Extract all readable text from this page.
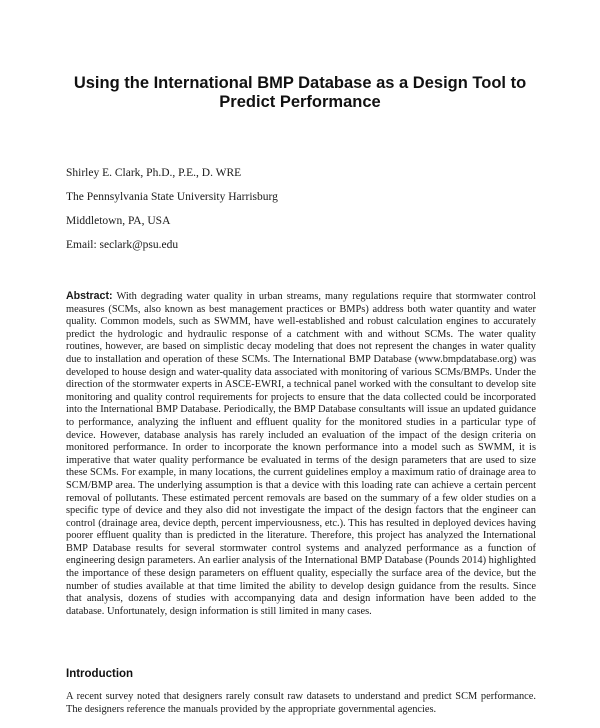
Using the International BMP Database as a Design Tool to Predict Performance
Shirley E. Clark, Ph.D., P.E., D. WRE
The Pennsylvania State University Harrisburg
Middletown, PA, USA
Email: seclark@psu.edu

Abstract: With degrading water quality in urban streams, many regulations require that stormwater control measures (SCMs, also known as best management practices or BMPs) address both water quantity and water quality. Common models, such as SWMM, have well-established and robust calculation engines to accurately predict the hydrologic and hydraulic response of a catchment with and without SCMs. The water quality routines, however, are based on simplistic decay modeling that does not represent the changes in water quality due to installation and operation of these SCMs. The International BMP Database (www.bmpdatabase.org) was developed to house design and water-quality data associated with monitoring of various SCMs/BMPs. Under the direction of the stormwater experts in ASCE-EWRI, a technical panel worked with the consultant to develop site monitoring and quality control requirements for projects to ensure that the data collected could be incorporated into the International BMP Database. Periodically, the BMP Database consultants will issue an updated guidance to performance, analyzing the influent and effluent quality for the monitored studies in a particular type of device. However, database analysis has rarely included an evaluation of the impact of the design criteria on monitored performance. In order to incorporate the known performance into a model such as SWMM, it is imperative that water quality performance be evaluated in terms of the design parameters that are used to size these SCMs. For example, in many locations, the current guidelines employ a maximum ratio of drainage area to SCM/BMP area. The underlying assumption is that a device with this loading rate can achieve a certain percent removal of pollutants. These estimated percent removals are based on the summary of a few older studies on a specific type of device and they also did not investigate the impact of the design factors that the engineer can control (drainage area, device depth, percent imperviousness, etc.). This has resulted in deployed devices having poorer effluent quality than is predicted in the literature. Therefore, this project has analyzed the International BMP Database results for several stormwater control systems and analyzed performance as a function of engineering design parameters. An earlier analysis of the International BMP Database (Pounds 2014) highlighted the importance of these design parameters on effluent quality, especially the surface area of the device, but the number of studies available at that time limited the ability to develop design guidance from the results. Since that analysis, dozens of studies with accompanying data and design information have been added to the database. Unfortunately, design information is still limited in many cases.

Introduction

A recent survey noted that designers rarely consult raw datasets to understand and predict SCM performance. The designers reference the manuals provided by the appropriate governmental agencies.
